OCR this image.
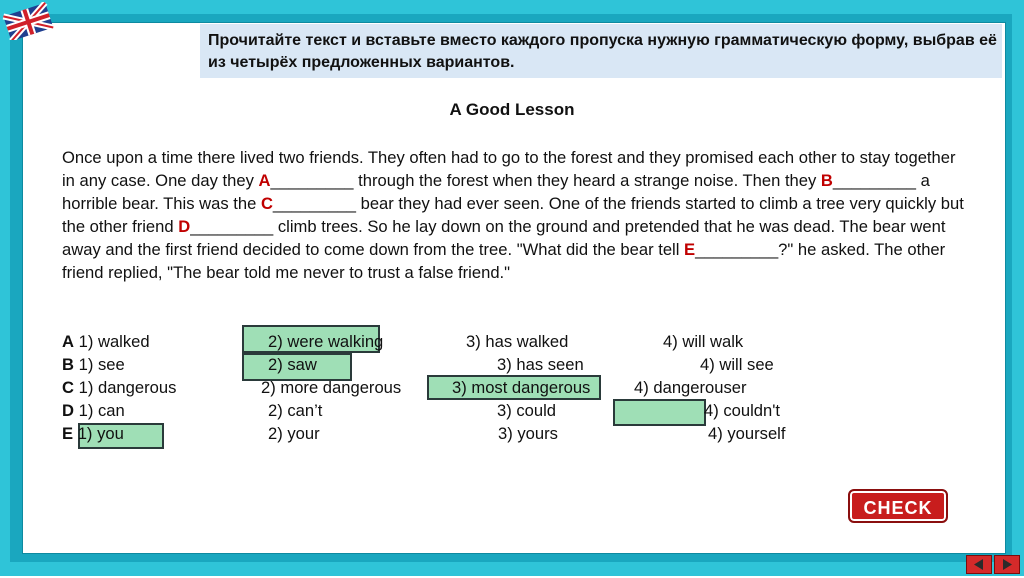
Прочитайте текст и вставьте вместо каждого пропуска нужную грамматическую форму, выбрав её из четырёх предложенных вариантов.
A Good Lesson
Once upon a time there lived two friends. They often had to go to the forest and they promised each other to stay together in any case. One day they A_________ through the forest when they heard a strange noise. Then they B_________ a horrible bear. This was the C_________ bear they had ever seen. One of the friends started to climb a tree very quickly but the other friend D_________ climb trees. So he lay down on the ground and pretended that he was dead. The bear went away and the first friend decided to come down from the tree. "What did the bear tell E_________?" he asked. The other friend replied, "The bear told me never to trust a false friend."
A 1) walked	2) were walking	3) has walked	4) will walk
B 1) see	2) saw	3) has seen	4) will see
C 1) dangerous	2) more dangerous	3) most dangerous	4) dangerouser
D 1) can	2) can’t	3) could	4) couldn't
E 1) you	2) your	3) yours	4) yourself
CHECK
